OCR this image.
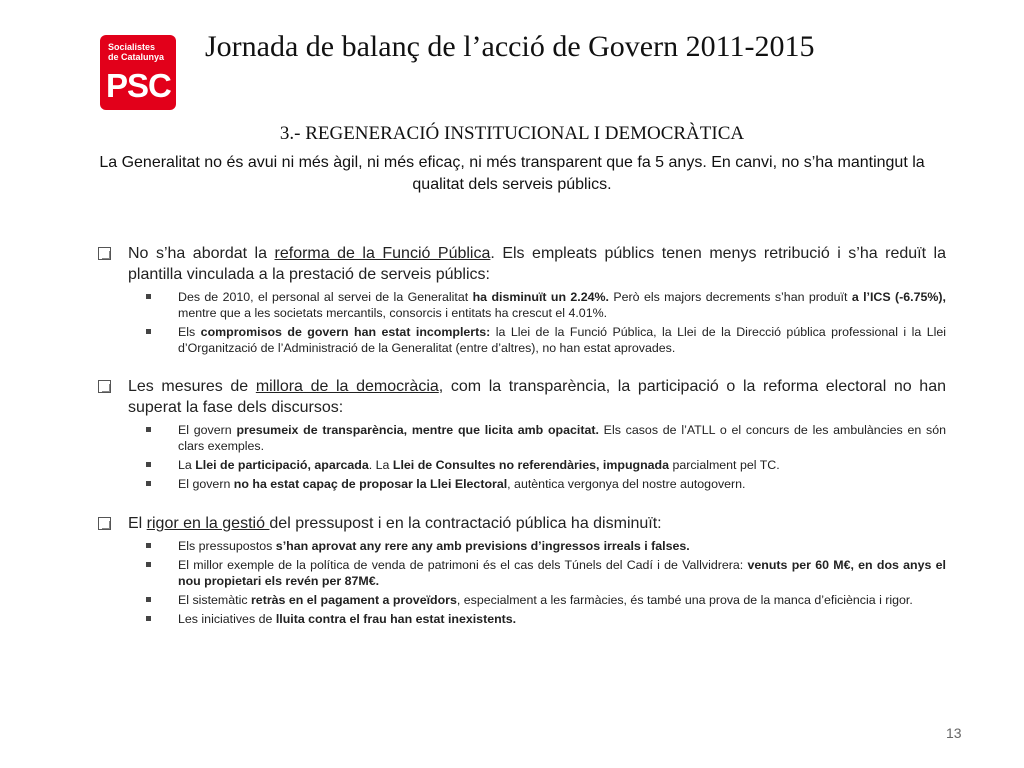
Socialistes
de Catalunya
PSC
Jornada de balanç de l’acció de Govern 2011-2015
3.- REGENERACIÓ INSTITUCIONAL I DEMOCRÀTICA
La Generalitat no és avui ni més àgil, ni més eficaç, ni més transparent que fa 5 anys. En canvi, no s’ha mantingut la qualitat dels serveis públics.
No s’ha abordat la reforma de la Funció Pública. Els empleats públics tenen menys retribució i s’ha reduït la plantilla vinculada a la prestació de serveis públics:
Des de 2010, el personal al servei de la Generalitat ha disminuït un 2.24%. Però els majors decrements s’han produït a l’ICS (-6.75%), mentre que a les societats mercantils, consorcis i entitats ha crescut el 4.01%.
Els compromisos de govern han estat incomplerts: la Llei de la Funció Pública, la Llei de la Direcció pública professional i la Llei d’Organització de l’Administració de la Generalitat (entre d’altres), no han estat aprovades.
Les mesures de millora de la democràcia, com la transparència, la participació o la reforma electoral no han superat la fase dels discursos:
El govern presumeix de transparència, mentre que licita amb opacitat. Els casos de l’ATLL o el concurs de les ambulàncies en són clars exemples.
La Llei de participació, aparcada. La Llei de Consultes no referendàries, impugnada parcialment pel TC.
El govern no ha estat capaç de proposar la Llei Electoral, autèntica vergonya del nostre autogovern.
El rigor en la gestió del pressupost i en la contractació pública ha disminuït:
Els pressupostos s’han aprovat any rere any amb previsions d’ingressos irreals i falses.
El millor exemple de la política de venda de patrimoni és el cas dels Túnels del Cadí i de Vallvidrera: venuts per 60 M€, en dos anys el nou propietari els revén per 87M€.
El sistemàtic retràs en el pagament a proveïdors, especialment a les farmàcies, és també una prova de la manca d’eficiència i rigor.
Les iniciatives de lluita contra el frau han estat inexistents.
13
